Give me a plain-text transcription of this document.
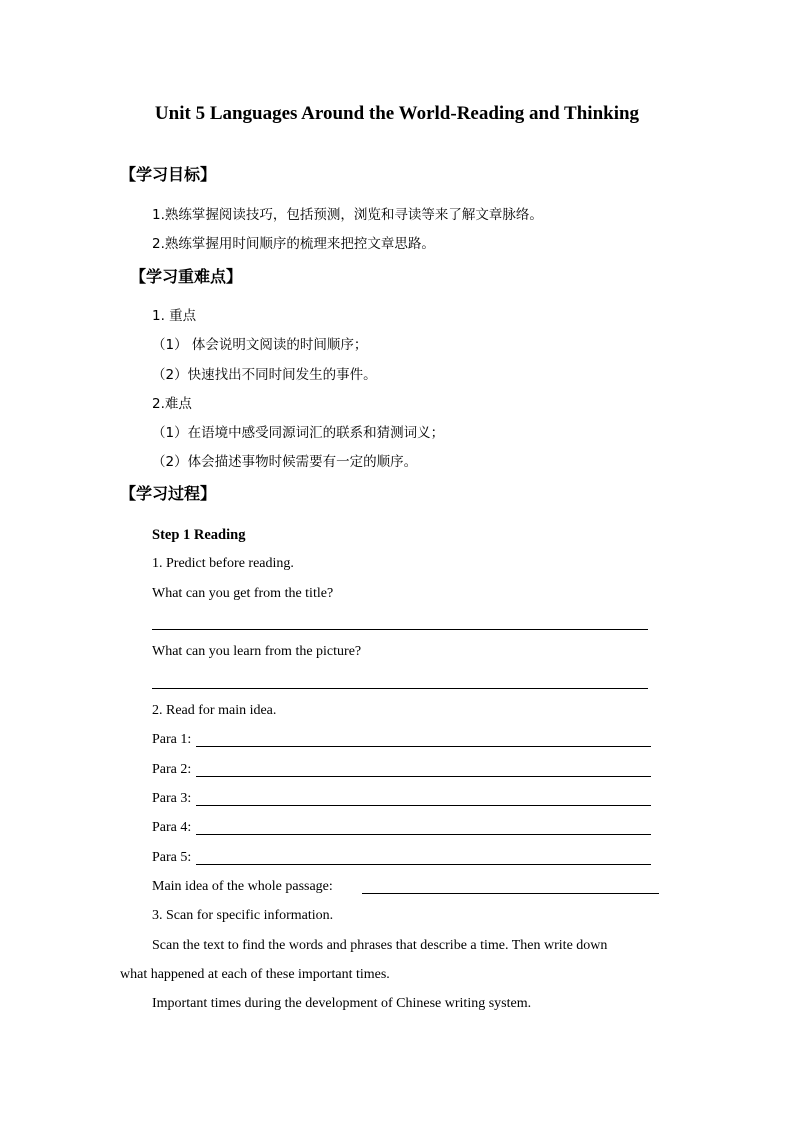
Unit 5 Languages Around the World-Reading and Thinking
【学习目标】
1.熟练掌握阅读技巧，包括预测，浏览和寻读等来了解文章脉络。
2.熟练掌握用时间顺序的梳理来把控文章思路。
【学习重难点】
1. 重点
（1） 体会说明文阅读的时间顺序；
（2）快速找出不同时间发生的事件。
2.难点
（1）在语境中感受同源词汇的联系和猜测词义；
（2）体会描述事物时候需要有一定的顺序。
【学习过程】
Step 1 Reading
1. Predict before reading.
What can you get from the title?
What can you learn from the picture?
2. Read for main idea.
Para 1:
Para 2:
Para 3:
Para 4:
Para 5:
Main idea of the whole passage:
3. Scan for specific information.
Scan the text to find the words and phrases that describe a time. Then write down
what happened at each of these important times.
Important times during the development of Chinese writing system.
